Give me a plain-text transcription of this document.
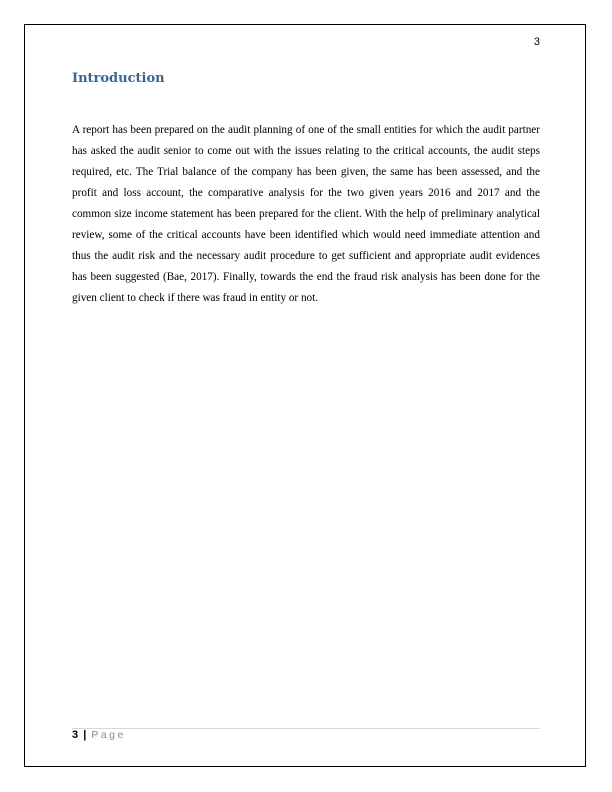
3
Introduction

A report has been prepared on the audit planning of one of the small entities for which the audit partner has asked the audit senior to come out with the issues relating to the critical accounts, the audit steps required, etc. The Trial balance of the company has been given, the same has been assessed, and the profit and loss account, the comparative analysis for the two given years 2016 and 2017 and the common size income statement has been prepared for the client. With the help of preliminary analytical review, some of the critical accounts have been identified which would need immediate attention and thus the audit risk and the necessary audit procedure to get sufficient and appropriate audit evidences has been suggested (Bae, 2017). Finally, towards the end the fraud risk analysis has been done for the given client to check if there was fraud in entity or not.

3 | Page
